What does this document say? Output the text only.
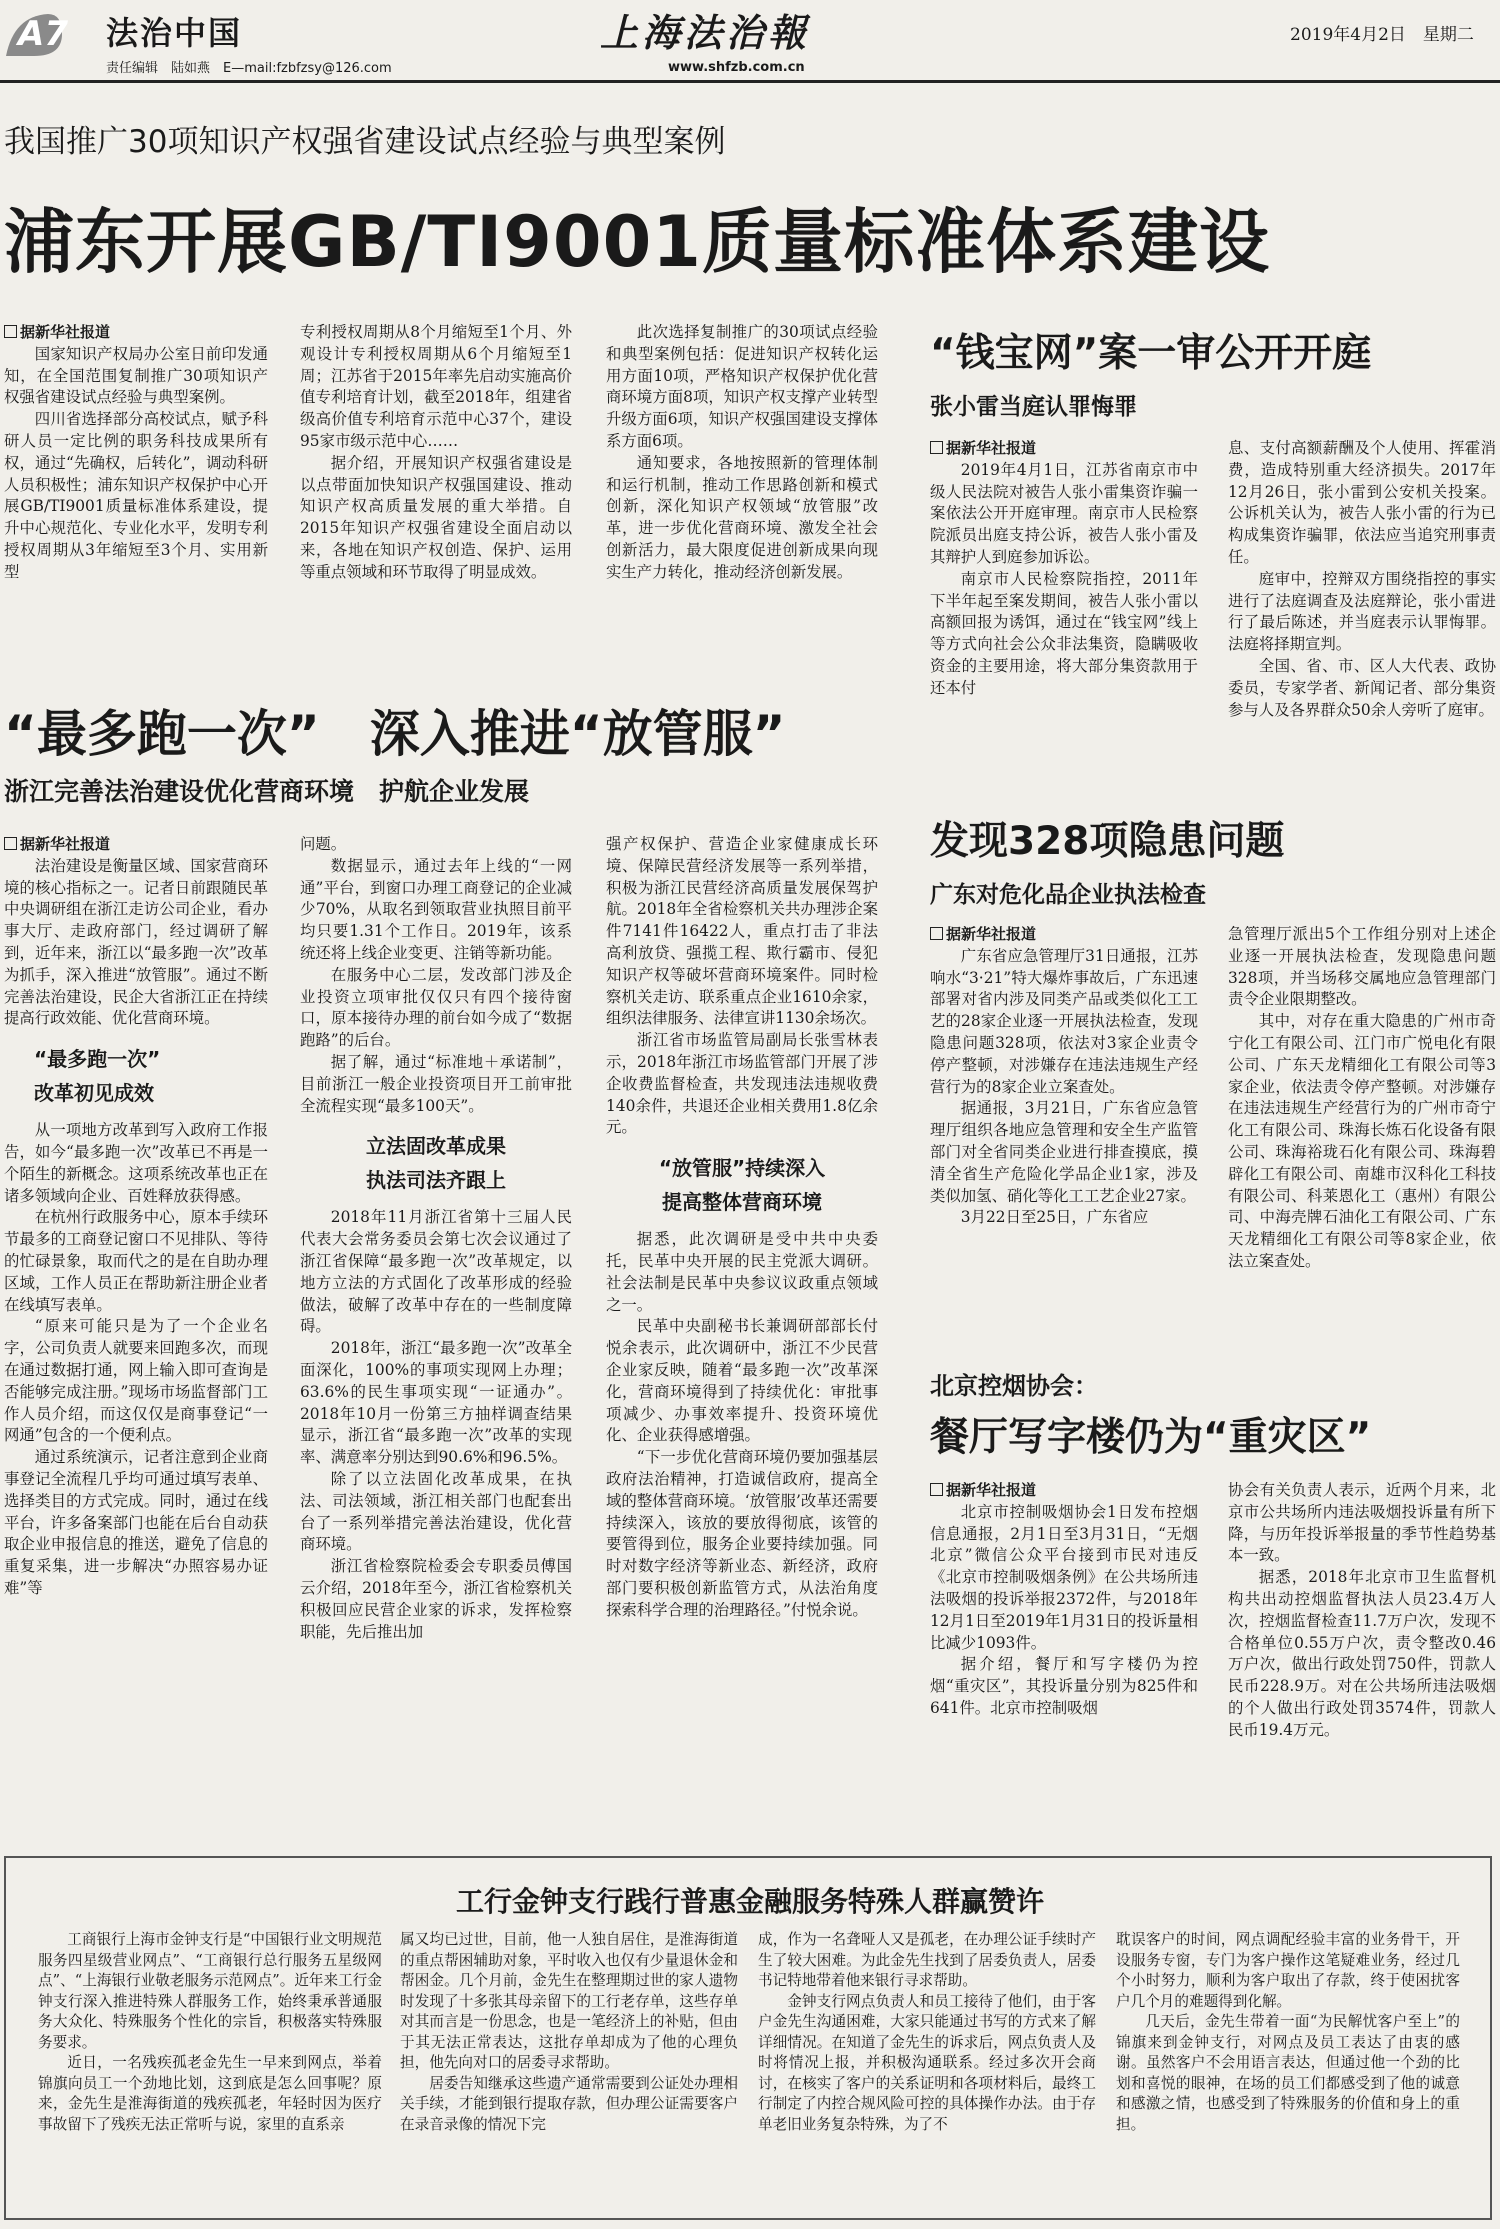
A7 法治中国
责任编辑　陆如燕　E—mail:fzbfzsy@126.com
上海法治報
www.shfzb.com.cn
2019年4月2日　星期二
我国推广30项知识产权强省建设试点经验与典型案例
浦东开展GB/TI9001质量标准体系建设

据新华社报道

国家知识产权局办公室日前印发通知，在全国范围复制推广30项知识产权强省建设试点经验与典型案例。

四川省选择部分高校试点，赋予科研人员一定比例的职务科技成果所有权，通过“先确权，后转化”，调动科研人员积极性；浦东知识产权保护中心开展GB/TI9001质量标准体系建设，提升中心规范化、专业化水平，发明专利授权周期从3年缩短至3个月、实用新型

专利授权周期从8个月缩短至1个月、外观设计专利授权周期从6个月缩短至1周；江苏省于2015年率先启动实施高价值专利培育计划，截至2018年，组建省级高价值专利培育示范中心37个，建设95家市级示范中心……

据介绍，开展知识产权强省建设是以点带面加快知识产权强国建设、推动知识产权高质量发展的重大举措。自2015年知识产权强省建设全面启动以来，各地在知识产权创造、保护、运用等重点领域和环节取得了明显成效。

此次选择复制推广的30项试点经验和典型案例包括：促进知识产权转化运用方面10项，严格知识产权保护优化营商环境方面8项，知识产权支撑产业转型升级方面6项，知识产权强国建设支撑体系方面6项。

通知要求，各地按照新的管理体制和运行机制，推动工作思路创新和模式创新，深化知识产权领域“放管服”改革，进一步优化营商环境、激发全社会创新活力，最大限度促进创新成果向现实生产力转化，推动经济创新发展。

“钱宝网”案一审公开开庭
张小雷当庭认罪悔罪

据新华社报道

2019年4月1日，江苏省南京市中级人民法院对被告人张小雷集资诈骗一案依法公开开庭审理。南京市人民检察院派员出庭支持公诉，被告人张小雷及其辩护人到庭参加诉讼。

南京市人民检察院指控，2011年下半年起至案发期间，被告人张小雷以高额回报为诱饵，通过在“钱宝网”线上等方式向社会公众非法集资，隐瞒吸收资金的主要用途，将大部分集资款用于还本付

息、支付高额薪酬及个人使用、挥霍消费，造成特别重大经济损失。2017年12月26日，张小雷到公安机关投案。公诉机关认为，被告人张小雷的行为已构成集资诈骗罪，依法应当追究刑事责任。

庭审中，控辩双方围绕指控的事实进行了法庭调查及法庭辩论，张小雷进行了最后陈述，并当庭表示认罪悔罪。法庭将择期宣判。

全国、省、市、区人大代表、政协委员，专家学者、新闻记者、部分集资参与人及各界群众50余人旁听了庭审。

“最多跑一次”　深入推进“放管服”
浙江完善法治建设优化营商环境　护航企业发展

据新华社报道

法治建设是衡量区域、国家营商环境的核心指标之一。记者日前跟随民革中央调研组在浙江走访公司企业，看办事大厅、走政府部门，经过调研了解到，近年来，浙江以“最多跑一次”改革为抓手，深入推进“放管服”。通过不断完善法治建设，民企大省浙江正在持续提高行政效能、优化营商环境。

“最多跑一次”
改革初见成效

从一项地方改革到写入政府工作报告，如今“最多跑一次”改革已不再是一个陌生的新概念。这项系统改革也正在诸多领域向企业、百姓释放获得感。

在杭州行政服务中心，原本手续环节最多的工商登记窗口不见排队、等待的忙碌景象，取而代之的是在自助办理区域，工作人员正在帮助新注册企业者在线填写表单。

“原来可能只是为了一个企业名字，公司负责人就要来回跑多次，而现在通过数据打通，网上输入即可查询是否能够完成注册。”现场市场监督部门工作人员介绍，而这仅仅是商事登记“一网通”包含的一个便利点。

通过系统演示，记者注意到企业商事登记全流程几乎均可通过填写表单、选择类目的方式完成。同时，通过在线平台，许多备案部门也能在后台自动获取企业申报信息的推送，避免了信息的重复采集，进一步解决“办照容易办证难”等

问题。

数据显示，通过去年上线的“一网通”平台，到窗口办理工商登记的企业减少70%，从取名到领取营业执照目前平均只要1.31个工作日。2019年，该系统还将上线企业变更、注销等新功能。

在服务中心二层，发改部门涉及企业投资立项审批仅仅只有四个接待窗口，原本接待办理的前台如今成了“数据跑路”的后台。

据了解，通过“标准地＋承诺制”，目前浙江一般企业投资项目开工前审批全流程实现“最多100天”。

立法固改革成果
执法司法齐跟上

2018年11月浙江省第十三届人民代表大会常务委员会第七次会议通过了浙江省保障“最多跑一次”改革规定，以地方立法的方式固化了改革形成的经验做法，破解了改革中存在的一些制度障碍。

2018年，浙江“最多跑一次”改革全面深化，100%的事项实现网上办理；63.6%的民生事项实现“一证通办”。2018年10月一份第三方抽样调查结果显示，浙江省“最多跑一次”改革的实现率、满意率分别达到90.6%和96.5%。

除了以立法固化改革成果，在执法、司法领域，浙江相关部门也配套出台了一系列举措完善法治建设，优化营商环境。

浙江省检察院检委会专职委员傅国云介绍，2018年至今，浙江省检察机关积极回应民营企业家的诉求，发挥检察职能，先后推出加

强产权保护、营造企业家健康成长环境、保障民营经济发展等一系列举措，积极为浙江民营经济高质量发展保驾护航。2018年全省检察机关共办理涉企案件7141件16422人，重点打击了非法高利放贷、强揽工程、欺行霸市、侵犯知识产权等破坏营商环境案件。同时检察机关走访、联系重点企业1610余家，组织法律服务、法律宣讲1130余场次。

浙江省市场监管局副局长张雪林表示，2018年浙江市场监管部门开展了涉企收费监督检查，共发现违法违规收费140余件，共退还企业相关费用1.8亿余元。

“放管服”持续深入
提高整体营商环境

据悉，此次调研是受中共中央委托，民革中央开展的民主党派大调研。社会法制是民革中央参议议政重点领域之一。

民革中央副秘书长兼调研部部长付悦余表示，此次调研中，浙江不少民营企业家反映，随着“最多跑一次”改革深化，营商环境得到了持续优化：审批事项减少、办事效率提升、投资环境优化、企业获得感增强。

“下一步优化营商环境仍要加强基层政府法治精神，打造诚信政府，提高全域的整体营商环境。‘放管服’改革还需要持续深入，该放的要放得彻底，该管的要管得到位，服务企业要持续加强。同时对数字经济等新业态、新经济，政府部门要积极创新监管方式，从法治角度探索科学合理的治理路径。”付悦余说。

发现328项隐患问题
广东对危化品企业执法检查

据新华社报道

广东省应急管理厅31日通报，江苏响水“3·21”特大爆炸事故后，广东迅速部署对省内涉及同类产品或类似化工工艺的28家企业逐一开展执法检查，发现隐患问题328项，依法对3家企业责令停产整顿，对涉嫌存在违法违规生产经营行为的8家企业立案查处。

据通报，3月21日，广东省应急管理厅组织各地应急管理和安全生产监管部门对全省同类企业进行排查摸底，摸清全省生产危险化学品企业1家，涉及类似加氢、硝化等化工工艺企业27家。

3月22日至25日，广东省应

急管理厅派出5个工作组分别对上述企业逐一开展执法检查，发现隐患问题328项，并当场移交属地应急管理部门责令企业限期整改。

其中，对存在重大隐患的广州市奇宁化工有限公司、江门市广悦电化有限公司、广东天龙精细化工有限公司等3家企业，依法责令停产整顿。对涉嫌存在违法违规生产经营行为的广州市奇宁化工有限公司、珠海长炼石化设备有限公司、珠海裕珑石化有限公司、珠海碧辟化工有限公司、南雄市汉科化工科技有限公司、科莱恩化工（惠州）有限公司、中海壳牌石油化工有限公司、广东天龙精细化工有限公司等8家企业，依法立案查处。

北京控烟协会：
餐厅写字楼仍为“重灾区”

据新华社报道

北京市控制吸烟协会1日发布控烟信息通报，2月1日至3月31日，“无烟北京”微信公众平台接到市民对违反《北京市控制吸烟条例》在公共场所违法吸烟的投诉举报2372件，与2018年12月1日至2019年1月31日的投诉量相比减少1093件。

据介绍，餐厅和写字楼仍为控烟“重灾区”，其投诉量分别为825件和641件。北京市控制吸烟

协会有关负责人表示，近两个月来，北京市公共场所内违法吸烟投诉量有所下降，与历年投诉举报量的季节性趋势基本一致。

据悉，2018年北京市卫生监督机构共出动控烟监督执法人员23.4万人次，控烟监督检查11.7万户次，发现不合格单位0.55万户次，责令整改0.46万户次，做出行政处罚750件，罚款人民币228.9万。对在公共场所违法吸烟的个人做出行政处罚3574件，罚款人民币19.4万元。

工行金钟支行践行普惠金融服务特殊人群赢赞许

工商银行上海市金钟支行是“中国银行业文明规范服务四星级营业网点”、“工商银行总行服务五星级网点”、“上海银行业敬老服务示范网点”。近年来工行金钟支行深入推进特殊人群服务工作，始终秉承普通服务大众化、特殊服务个性化的宗旨，积极落实特殊服务要求。

近日，一名残疾孤老金先生一早来到网点，举着锦旗向员工一个劲地比划，这到底是怎么回事呢？原来，金先生是淮海街道的残疾孤老，年轻时因为医疗事故留下了残疾无法正常听与说，家里的直系亲

属又均已过世，目前，他一人独自居住，是淮海街道的重点帮困辅助对象，平时收入也仅有少量退休金和帮困金。几个月前，金先生在整理期过世的家人遗物时发现了十多张其母亲留下的工行老存单，这些存单对其而言是一份思念，也是一笔经济上的补贴，但由于其无法正常表达，这批存单却成为了他的心理负担，他先向对口的居委寻求帮助。

居委告知继承这些遗产通常需要到公证处办理相关手续，才能到银行提取存款，但办理公证需要客户在录音录像的情况下完

成，作为一名聋哑人又是孤老，在办理公证手续时产生了较大困难。为此金先生找到了居委负责人，居委书记特地带着他来银行寻求帮助。

金钟支行网点负责人和员工接待了他们，由于客户金先生沟通困难，大家只能通过书写的方式来了解详细情况。在知道了金先生的诉求后，网点负责人及时将情况上报，并积极沟通联系。经过多次开会商讨，在核实了客户的关系证明和各项材料后，最终工行制定了内控合规风险可控的具体操作办法。由于存单老旧业务复杂特殊，为了不

耽误客户的时间，网点调配经验丰富的业务骨干，开设服务专窗，专门为客户操作这笔疑难业务，经过几个小时努力，顺利为客户取出了存款，终于使困扰客户几个月的难题得到化解。

几天后，金先生带着一面“为民解忧客户至上”的锦旗来到金钟支行，对网点及员工表达了由衷的感谢。虽然客户不会用语言表达，但通过他一个劲的比划和喜悦的眼神，在场的员工们都感受到了他的诚意和感激之情，也感受到了特殊服务的价值和身上的重担。
